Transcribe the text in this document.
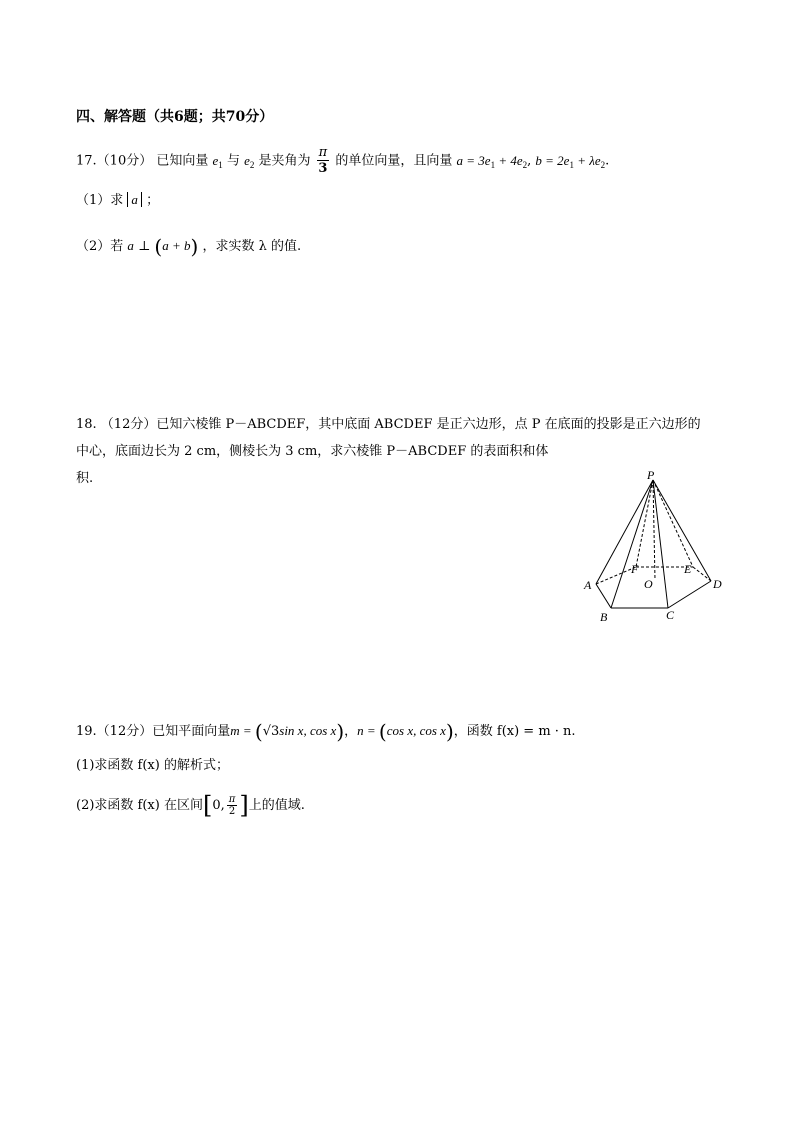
四、解答题（共6题；共70分）
17.（10分） 已知向量 $e_1$ 与 $e_2$ 是夹角为 $\frac{\pi}{3}$ 的单位向量，且向量 $a = 3e_1 + 4e_2$, $b = 2e_1 + \lambda e_2$.
（1）求 a ；
（2）若 a ⊥ (a + b) ，求实数 λ 的值.
18. （12分）已知六棱锥 P－ABCDEF，其中底面 ABCDEF 是正六边形，点 P 在底面的投影是正六边形的
中心，底面边长为 2 cm，侧棱长为 3 cm，求六棱锥 P－ABCDEF 的表面积和体
积.	P
A
B	C
D
E
F
O
19.（12分）已知平面向量m = (√3sin x, cos x)，n = (cos x, cos x)，函数 f(x) = m · n.
(1)求函数 f(x) 的解析式；
(2)求函数 f(x) 在区间[0, $\frac{\pi}{2}$ ]上的值域.
